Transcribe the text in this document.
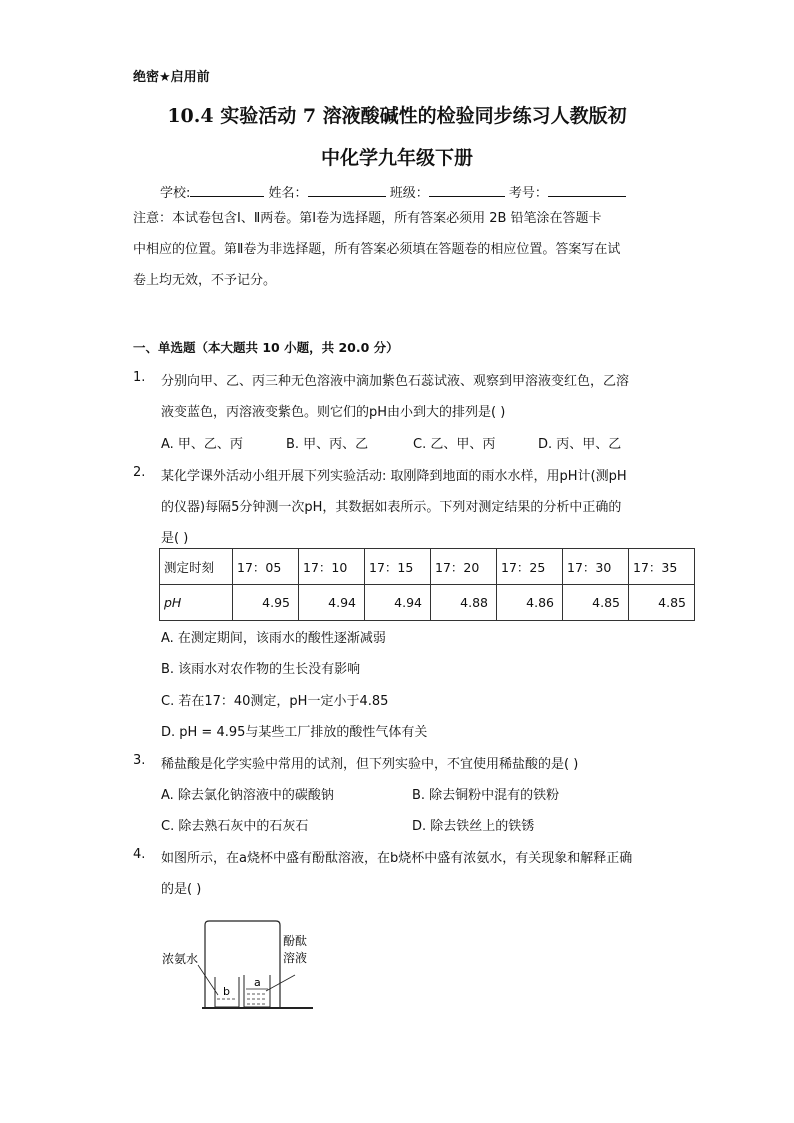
绝密★启用前
10.4 实验活动 7 溶液酸碱性的检验同步练习人教版初
中化学九年级下册
学校:	姓名：	班级：	考号：

注意：本试卷包含Ⅰ、Ⅱ两卷。第Ⅰ卷为选择题，所有答案必须用 2B 铅笔涂在答题卡

中相应的位置。第Ⅱ卷为非选择题，所有答案必须填在答题卷的相应位置。答案写在试

卷上均无效，不予记分。

一、单选题（本大题共 10 小题，共 20.0 分）
1. 分别向甲、乙、丙三种无色溶液中滴加紫色石蕊试液、观察到甲溶液变红色，乙溶
液变蓝色，丙溶液变紫色。则它们的pH由小到大的排列是( )
A. 甲、乙、丙	B. 甲、丙、乙	C. 乙、甲、丙	D. 丙、甲、乙
2. 某化学课外活动小组开展下列实验活动: 取刚降到地面的雨水水样，用pH计(测pH
的仪器)每隔5分钟测一次pH，其数据如表所示。下列对测定结果的分析中正确的
是( )
测定时刻	17：05	17：10	17：15	17：20	17：25	17：30	17：35
pH	4.95	4.94	4.94	4.88	4.86	4.85	4.85
A. 在测定期间，该雨水的酸性逐渐减弱
B. 该雨水对农作物的生长没有影响
C. 若在17：40测定，pH一定小于4.85
D. pH = 4.95与某些工厂排放的酸性气体有关
3. 稀盐酸是化学实验中常用的试剂，但下列实验中，不宜使用稀盐酸的是( )
A. 除去氯化钠溶液中的碳酸钠	B. 除去铜粉中混有的铁粉
C. 除去熟石灰中的石灰石	D. 除去铁丝上的铁锈
4. 如图所示，在a烧杯中盛有酚酞溶液，在b烧杯中盛有浓氨水，有关现象和解释正确
的是( )
浓氨水
酚酞
溶液
b
a
